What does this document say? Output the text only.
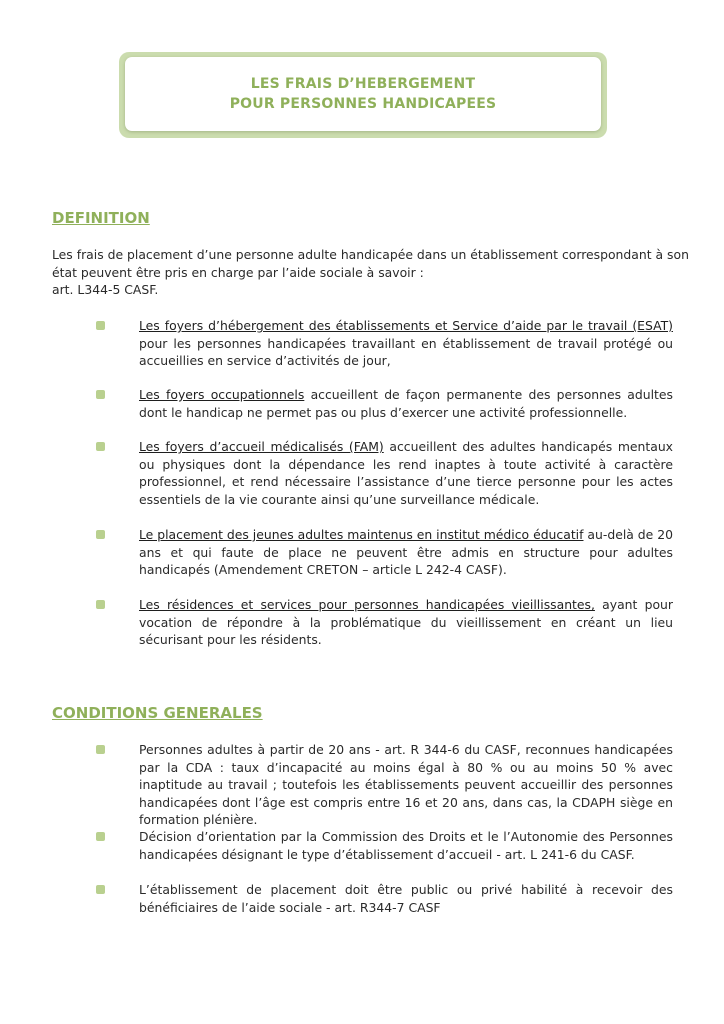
LES FRAIS D’HEBERGEMENT
POUR PERSONNES HANDICAPEES
DEFINITION
Les frais de placement d’une personne adulte handicapée dans un établissement correspondant à son
état peuvent être pris en charge par l’aide sociale à savoir :
art. L344-5 CASF.
Les foyers d’hébergement des établissements et Service d’aide par le travail (ESAT) pour les personnes handicapées travaillant en établissement de travail protégé ou accueillies en service d’activités de jour,
Les foyers occupationnels accueillent de façon permanente des personnes adultes dont le handicap ne permet pas ou plus d’exercer une activité professionnelle.
Les foyers d’accueil médicalisés (FAM) accueillent des adultes handicapés mentaux ou physiques dont la dépendance les rend inaptes à toute activité à caractère professionnel, et rend nécessaire l’assistance d’une tierce personne pour les actes essentiels de la vie courante ainsi qu’une surveillance médicale.
Le placement des jeunes adultes maintenus en institut médico éducatif au-delà de 20 ans et qui faute de place ne peuvent être admis en structure pour adultes handicapés (Amendement CRETON – article L 242-4 CASF).
Les résidences et services pour personnes handicapées vieillissantes, ayant pour vocation de répondre à la problématique du vieillissement en créant un lieu sécurisant pour les résidents.
CONDITIONS GENERALES
Personnes adultes à partir de 20 ans - art. R 344-6 du CASF, reconnues handicapées par la CDA : taux d’incapacité au moins égal à 80 % ou au moins 50 % avec inaptitude au travail ; toutefois les établissements peuvent accueillir des personnes handicapées dont l’âge est compris entre 16 et 20 ans, dans cas, la CDAPH siège en formation plénière.
Décision d’orientation par la Commission des Droits et le l’Autonomie des Personnes handicapées désignant le type d’établissement d’accueil - art. L 241-6 du CASF.
L’établissement de placement doit être public ou privé habilité à recevoir des bénéficiaires de l’aide sociale - art. R344-7 CASF
